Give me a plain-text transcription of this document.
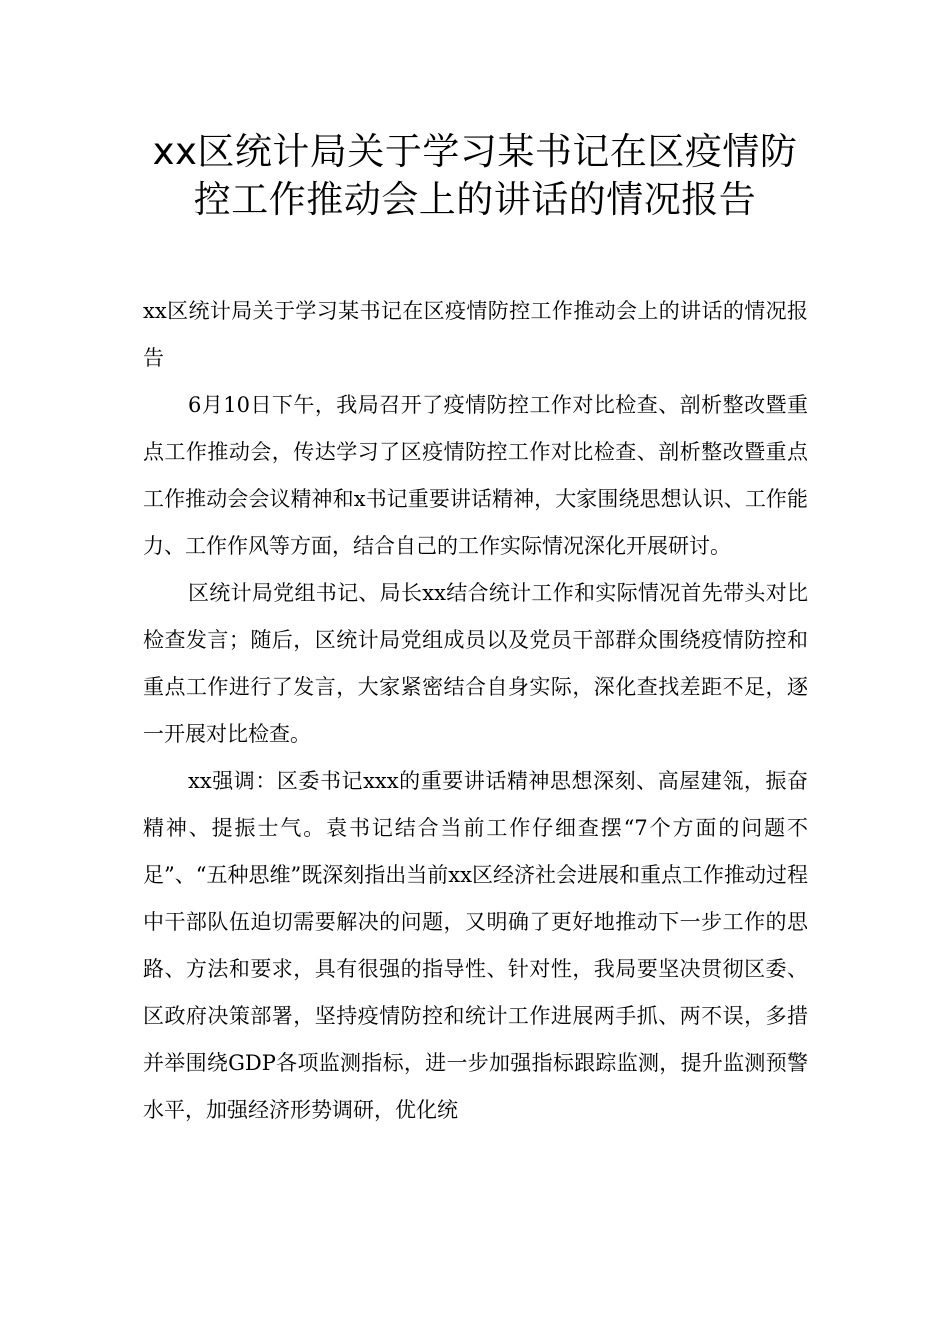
xx区统计局关于学习某书记在区疫情防
控工作推动会上的讲话的情况报告

xx区统计局关于学习某书记在区疫情防控工作推动会上的讲话的情况报告

6月10日下午，我局召开了疫情防控工作对比检查、剖析整改暨重点工作推动会，传达学习了区疫情防控工作对比检查、剖析整改暨重点工作推动会会议精神和x书记重要讲话精神，大家围绕思想认识、工作能力、工作作风等方面，结合自己的工作实际情况深化开展研讨。

区统计局党组书记、局长xx结合统计工作和实际情况首先带头对比检查发言；随后，区统计局党组成员以及党员干部群众围绕疫情防控和重点工作进行了发言，大家紧密结合自身实际，深化查找差距不足，逐一开展对比检查。

xx强调：区委书记xxx的重要讲话精神思想深刻、高屋建瓴，振奋精神、提振士气。袁书记结合当前工作仔细查摆“7个方面的问题不足”、“五种思维”既深刻指出当前xx区经济社会进展和重点工作推动过程中干部队伍迫切需要解决的问题，又明确了更好地推动下一步工作的思路、方法和要求，具有很强的指导性、针对性，我局要坚决贯彻区委、区政府决策部署，坚持疫情防控和统计工作进展两手抓、两不误，多措并举围绕GDP各项监测指标，进一步加强指标跟踪监测，提升监测预警水平，加强经济形势调研，优化统
